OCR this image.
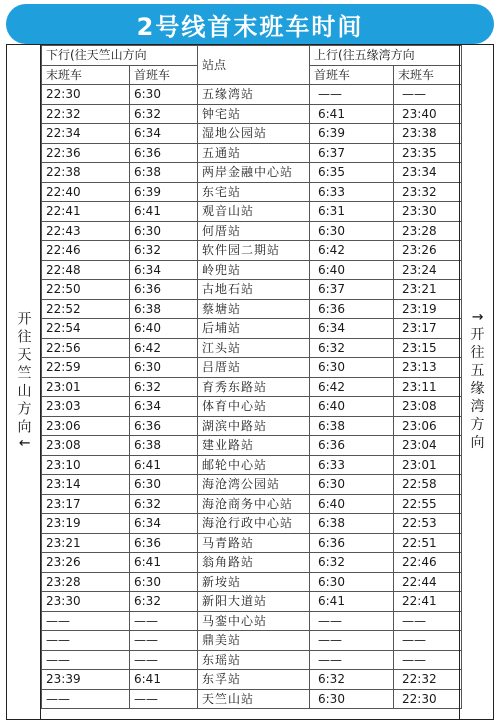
2号线首末班车时间
开往天竺山方向↓
下行(往天竺山方向		站点	上行(往五缘湾方向	
末班车	首班车		首班车	末班车
22:30	6:30	五缘湾站	——	——
22:32	6:32	钟宅站	6:41	23:40
22:34	6:34	湿地公园站	6:39	23:38
22:36	6:36	五通站	6:37	23:35
22:38	6:38	两岸金融中心站	6:35	23:34
22:40	6:39	东宅站	6:33	23:32
22:41	6:41	观音山站	6:31	23:30
22:43	6:30	何厝站	6:30	23:28
22:46	6:32	软件园二期站	6:42	23:26
22:48	6:34	岭兜站	6:40	23:24
22:50	6:36	古地石站	6:37	23:21
22:52	6:38	蔡塘站	6:36	23:19
22:54	6:40	后埔站	6:34	23:17
22:56	6:42	江头站	6:32	23:15
22:59	6:30	吕厝站	6:30	23:13
23:01	6:32	育秀东路站	6:42	23:11
23:03	6:34	体育中心站	6:40	23:08
23:06	6:36	湖滨中路站	6:38	23:06
23:08	6:38	建业路站	6:36	23:04
23:10	6:41	邮轮中心站	6:33	23:01
23:14	6:30	海沧湾公园站	6:30	22:58
23:17	6:32	海沧商务中心站	6:40	22:55
23:19	6:34	海沧行政中心站	6:38	22:53
23:21	6:36	马青路站	6:36	22:51
23:26	6:41	翁角路站	6:32	22:46
23:28	6:30	新垵站	6:30	22:44
23:30	6:32	新阳大道站	6:41	22:41
——	——	马銮中心站	——	——
——	——	鼎美站	——	——
——	——	东瑶站	——	——
23:39	6:41	东孚站	6:32	22:32
——	——	天竺山站	6:30	22:30
↑开往五缘湾方向
